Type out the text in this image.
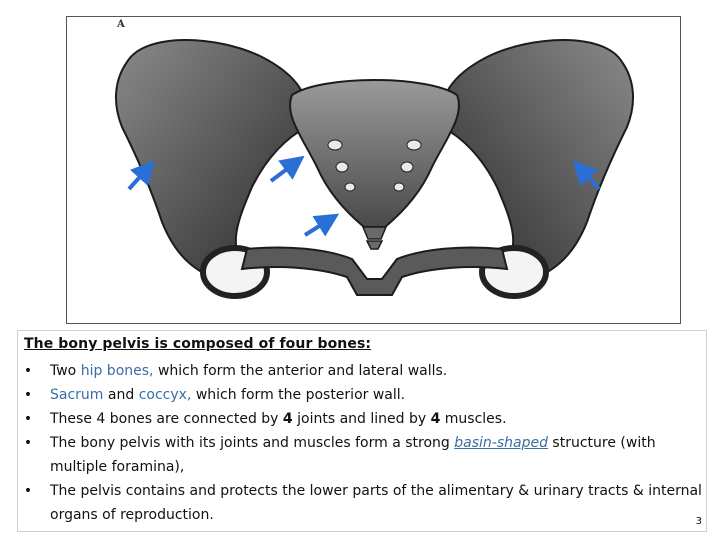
A
The bony pelvis is composed of four bones:
• Two hip bones, which form the anterior and lateral walls.
• Sacrum and coccyx, which form the posterior wall.
• These 4 bones are connected by 4 joints and lined by 4 muscles.
• The bony pelvis with its joints and muscles form a strong basin-shaped structure (with multiple foramina),
• The pelvis contains and protects the lower parts of the alimentary & urinary tracts & internal organs of reproduction.	3
